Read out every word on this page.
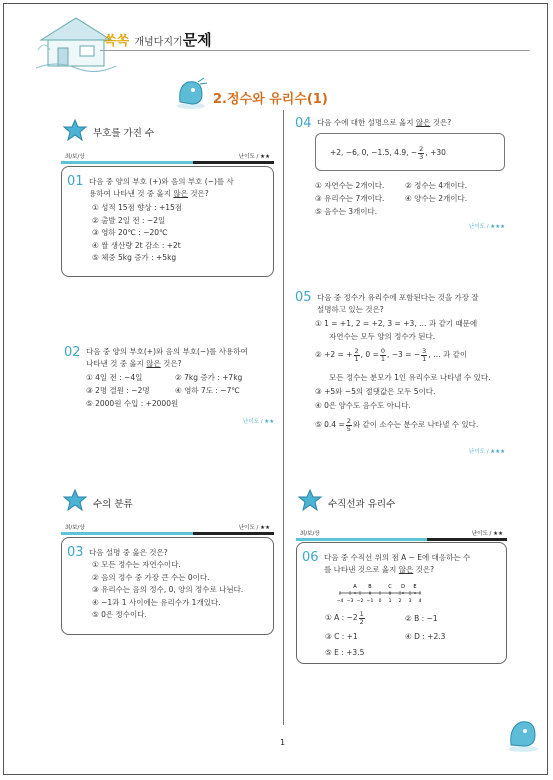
쏙쏙 개념다지기문제
2.정수와 유리수(1)
부호를 가진 수
최/보/상	난이도 / ★★
01 다음 중 양의 부호 (+)와 음의 부호 (−)를 사
용하여 나타낸 것 중 옳지 않은 것은?
① 성적 15점 향상 : +15점
② 출발 2일 전 : −2일
③ 영하 20℃ : −20℃
④ 쌀 생산량 2t 감소 : +2t
⑤ 체중 5kg 증가 : +5kg
02 다음 중 양의 부호(+)와 음의 부호(−)를 사용하여
나타낸 것 중 옳지 않은 것은?
① 4일 전 : −4일	② 7kg 증가 : +7kg
③ 2명 결원 : −2명	④ 영하 7도 : −7℃
⑤ 2000원 수입 : +2000원
난이도 / ★★
수의 분류
최/보/상	난이도 / ★★
03 다음 설명 중 옳은 것은?
① 모든 정수는 자연수이다.
② 음의 정수 중 가장 큰 수는 0이다.
③ 유리수는 음의 정수, 0, 양의 정수로 나뉜다.
④ −1과 1 사이에는 유리수가 1개있다.
⑤ 0은 정수이다.
04 다음 수에 대한 설명으로 옳지 않은 것은?
+2, −6, 0, −1.5, 4.9, − $\frac{2}{3}$ , +30
① 자연수는 2개이다.	② 정수는 4개이다.
③ 유리수는 7개이다.	④ 양수는 2개이다.
⑤ 음수는 3개이다.
난이도 / ★★★
05 다음 중 정수가 유리수에 포함된다는 것을 가장 잘
설명하고 있는 것은?
① 1 = +1, 2 = +2, 3 = +3, … 과 같기 때문에
자연수는 모두 양의 정수가 된다.
② +2 = + $\frac{2}{1}$ , $0 = \frac{0}{1}$ , −3 = − $\frac{3}{1}$ , … 과 같이
모든 정수는 분모가 1인 유리수로 나타낼 수 있다.
③ +5와 −5의 절댓값은 모두 5이다.
④ 0은 양수도 음수도 아니다.
⑤ $0.4 = \frac{2}{5}$ 와 같이 소수는 분수로 나타낼 수 있다.
난이도 / ★★★
수직선과 유리수
최/보/상	난이도 / ★★
06 다음 중 수직선 위의 점 A ~ E에 대응하는 수
를 나타낸 것으로 옳지 않은 것은?
−4 −3 −2 −1 0 1 2 3 4
A B	C D E
① A : $-2 \frac{1}{2}$	② B : −1
③ C : +1	④ D : +2.3
⑤ E : +3.5
1
